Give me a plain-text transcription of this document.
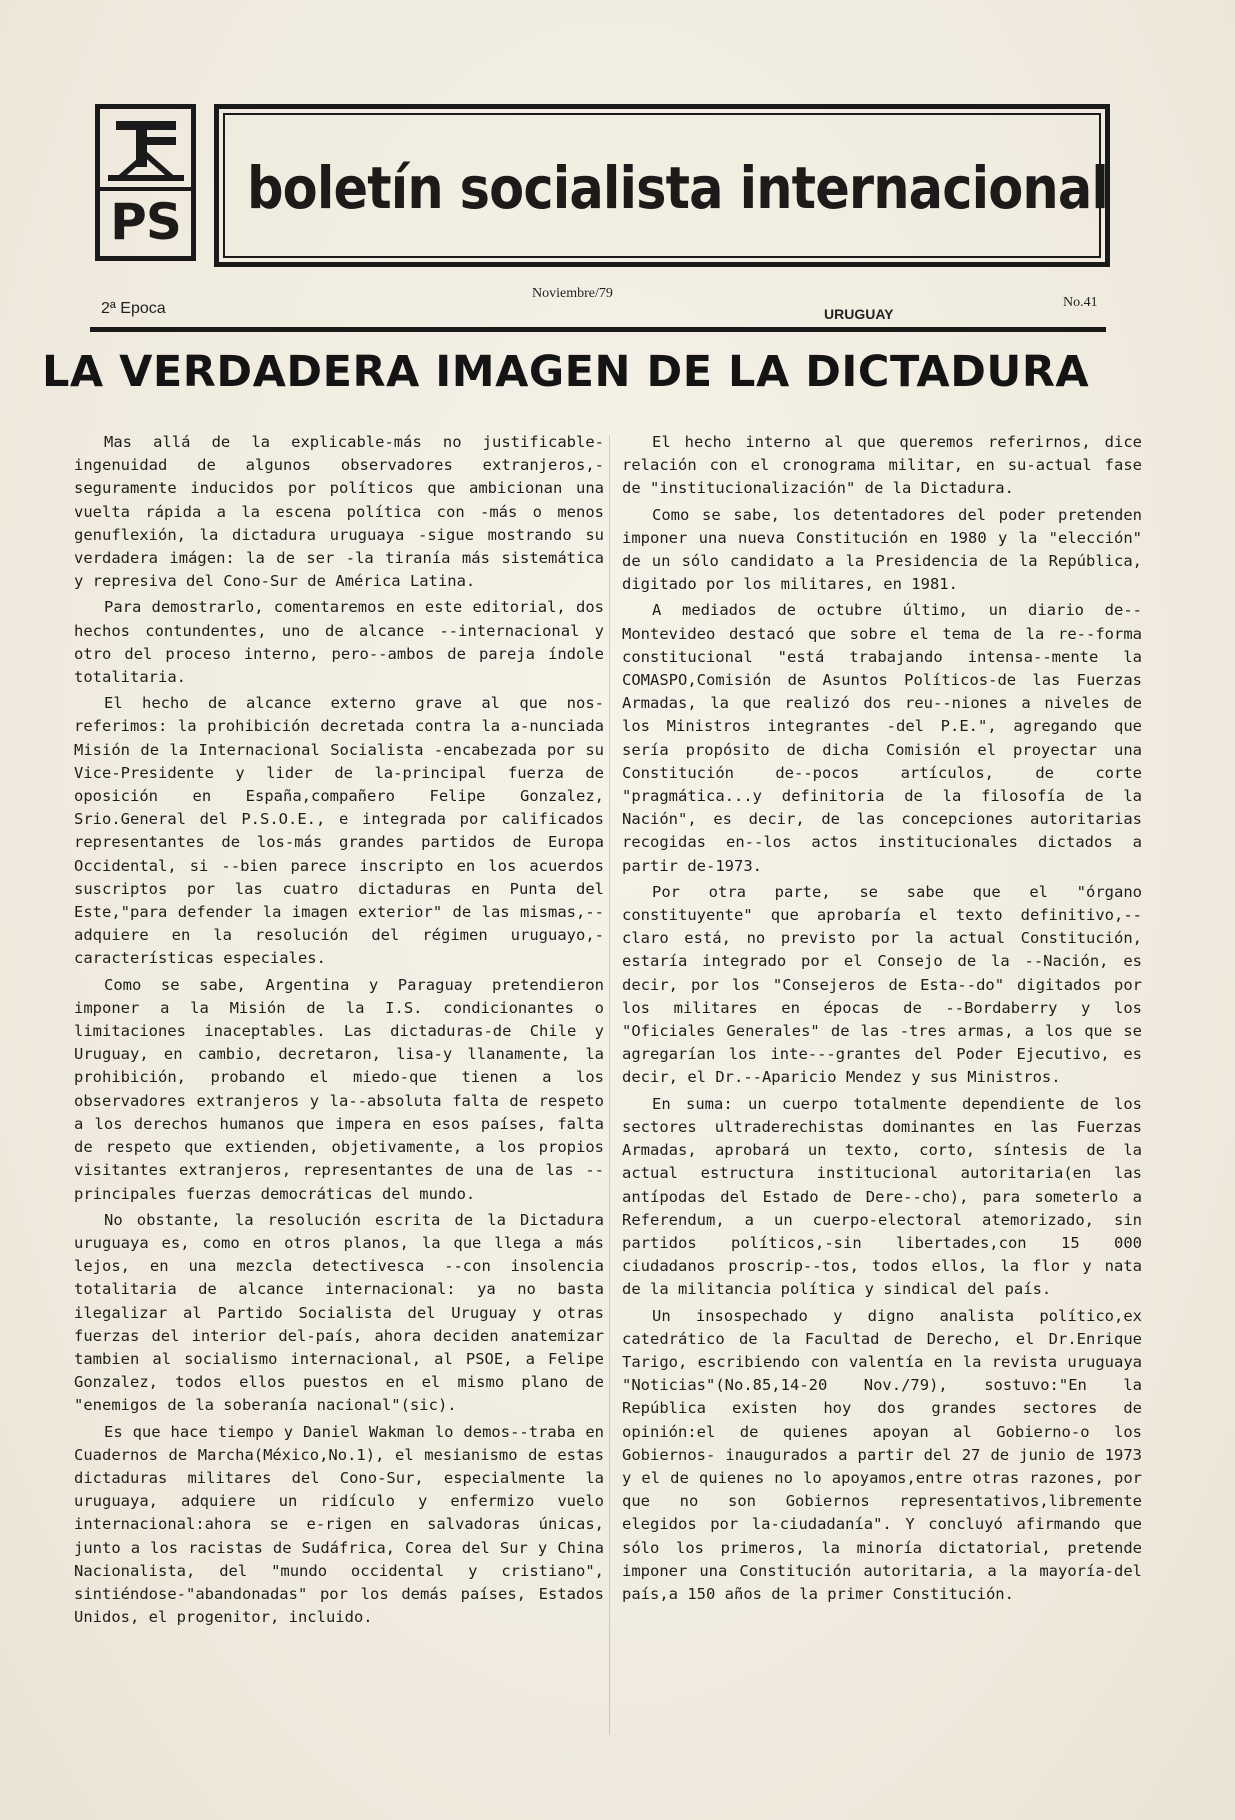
PS boletín socialista internacional
2ª Epoca
Noviembre/79
URUGUAY
No.41
LA VERDADERA IMAGEN DE LA DICTADURA

Mas allá de la explicable-más no justificable-ingenuidad de algunos observadores extranjeros,-seguramente inducidos por políticos que ambicionan una vuelta rápida a la escena política con -más o menos genuflexión, la dictadura uruguaya -sigue mostrando su verdadera imágen: la de ser -la tiranía más sistemática y represiva del Cono-Sur de América Latina.

Para demostrarlo, comentaremos en este editorial, dos hechos contundentes, uno de alcance --internacional y otro del proceso interno, pero--ambos de pareja índole totalitaria.

El hecho de alcance externo grave al que nos-referimos: la prohibición decretada contra la a-nunciada Misión de la Internacional Socialista -encabezada por su Vice-Presidente y lider de la-principal fuerza de oposición en España,compañero Felipe Gonzalez, Srio.General del P.S.O.E., e integrada por calificados representantes de los-más grandes partidos de Europa Occidental, si --bien parece inscripto en los acuerdos suscriptos por las cuatro dictaduras en Punta del Este,"para defender la imagen exterior" de las mismas,--adquiere en la resolución del régimen uruguayo,-características especiales.

Como se sabe, Argentina y Paraguay pretendieron imponer a la Misión de la I.S. condicionantes o limitaciones inaceptables. Las dictaduras-de Chile y Uruguay, en cambio, decretaron, lisa-y llanamente, la prohibición, probando el miedo-que tienen a los observadores extranjeros y la--absoluta falta de respeto a los derechos humanos que impera en esos países, falta de respeto que extienden, objetivamente, a los propios visitantes extranjeros, representantes de una de las --principales fuerzas democráticas del mundo.

No obstante, la resolución escrita de la Dictadura uruguaya es, como en otros planos, la que llega a más lejos, en una mezcla detectivesca --con insolencia totalitaria de alcance internacional: ya no basta ilegalizar al Partido Socialista del Uruguay y otras fuerzas del interior del-país, ahora deciden anatemizar tambien al socialismo internacional, al PSOE, a Felipe Gonzalez, todos ellos puestos en el mismo plano de "enemigos de la soberanía nacional"(sic).

Es que hace tiempo y Daniel Wakman lo demos--traba en Cuadernos de Marcha(México,No.1), el mesianismo de estas dictaduras militares del Cono-Sur, especialmente la uruguaya, adquiere un ridículo y enfermizo vuelo internacional:ahora se e-rigen en salvadoras únicas, junto a los racistas de Sudáfrica, Corea del Sur y China Nacionalista, del "mundo occidental y cristiano", sintiéndose-"abandonadas" por los demás países, Estados Unidos, el progenitor, incluido.

El hecho interno al que queremos referirnos, dice relación con el cronograma militar, en su-actual fase de "institucionalización" de la Dictadura.

Como se sabe, los detentadores del poder pretenden imponer una nueva Constitución en 1980 y la "elección" de un sólo candidato a la Presidencia de la República, digitado por los militares, en 1981.

A mediados de octubre último, un diario de--Montevideo destacó que sobre el tema de la re--forma constitucional "está trabajando intensa--mente la COMASPO,Comisión de Asuntos Políticos-de las Fuerzas Armadas, la que realizó dos reu--niones a niveles de los Ministros integrantes -del P.E.", agregando que sería propósito de dicha Comisión el proyectar una Constitución de--pocos artículos, de corte "pragmática...y definitoria de la filosofía de la Nación", es decir, de las concepciones autoritarias recogidas en--los actos institucionales dictados a partir de-1973.

Por otra parte, se sabe que el "órgano constituyente" que aprobaría el texto definitivo,--claro está, no previsto por la actual Constitución, estaría integrado por el Consejo de la --Nación, es decir, por los "Consejeros de Esta--do" digitados por los militares en épocas de --Bordaberry y los "Oficiales Generales" de las -tres armas, a los que se agregarían los inte---grantes del Poder Ejecutivo, es decir, el Dr.--Aparicio Mendez y sus Ministros.

En suma: un cuerpo totalmente dependiente de los sectores ultraderechistas dominantes en las Fuerzas Armadas, aprobará un texto, corto, síntesis de la actual estructura institucional autoritaria(en las antípodas del Estado de Dere--cho), para someterlo a Referendum, a un cuerpo-electoral atemorizado, sin partidos políticos,-sin libertades,con 15 000 ciudadanos proscrip--tos, todos ellos, la flor y nata de la militancia política y sindical del país.

Un insospechado y digno analista político,ex catedrático de la Facultad de Derecho, el Dr.Enrique Tarigo, escribiendo con valentía en la revista uruguaya "Noticias"(No.85,14-20 Nov./79), sostuvo:"En la República existen hoy dos grandes sectores de opinión:el de quienes apoyan al Gobierno-o los Gobiernos- inaugurados a partir del 27 de junio de 1973 y el de quienes no lo apoyamos,entre otras razones, por que no son Gobiernos representativos,libremente elegidos por la-ciudadanía". Y concluyó afirmando que sólo los primeros, la minoría dictatorial, pretende imponer una Constitución autoritaria, a la mayoría-del país,a 150 años de la primer Constitución.
